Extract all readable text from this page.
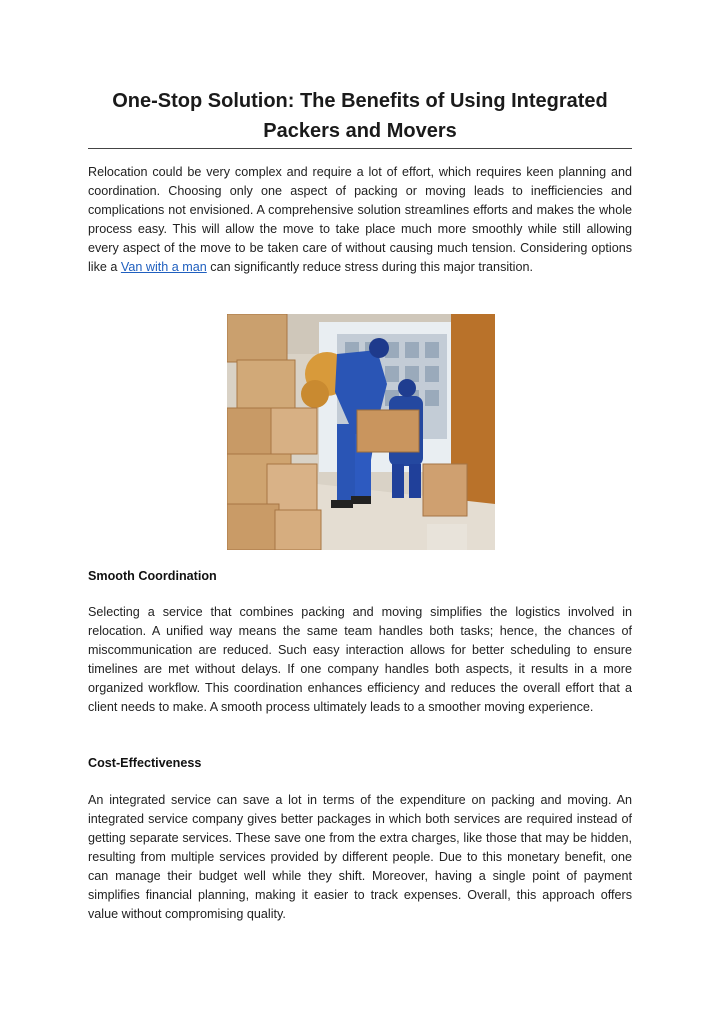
One-Stop Solution: The Benefits of Using Integrated
Packers and Movers

Relocation could be very complex and require a lot of effort, which requires keen planning and coordination. Choosing only one aspect of packing or moving leads to inefficiencies and complications not envisioned. A comprehensive solution streamlines efforts and makes the whole process easy. This will allow the move to take place much more smoothly while still allowing every aspect of the move to be taken care of without causing much tension. Considering options like a Van with a man can significantly reduce stress during this major transition.

Smooth Coordination

Selecting a service that combines packing and moving simplifies the logistics involved in relocation. A unified way means the same team handles both tasks; hence, the chances of miscommunication are reduced. Such easy interaction allows for better scheduling to ensure timelines are met without delays. If one company handles both aspects, it results in a more organized workflow. This coordination enhances efficiency and reduces the overall effort that a client needs to make. A smooth process ultimately leads to a smoother moving experience.

Cost-Effectiveness

An integrated service can save a lot in terms of the expenditure on packing and moving. An integrated service company gives better packages in which both services are required instead of getting separate services. These save one from the extra charges, like those that may be hidden, resulting from multiple services provided by different people. Due to this monetary benefit, one can manage their budget well while they shift. Moreover, having a single point of payment simplifies financial planning, making it easier to track expenses. Overall, this approach offers value without compromising quality.
